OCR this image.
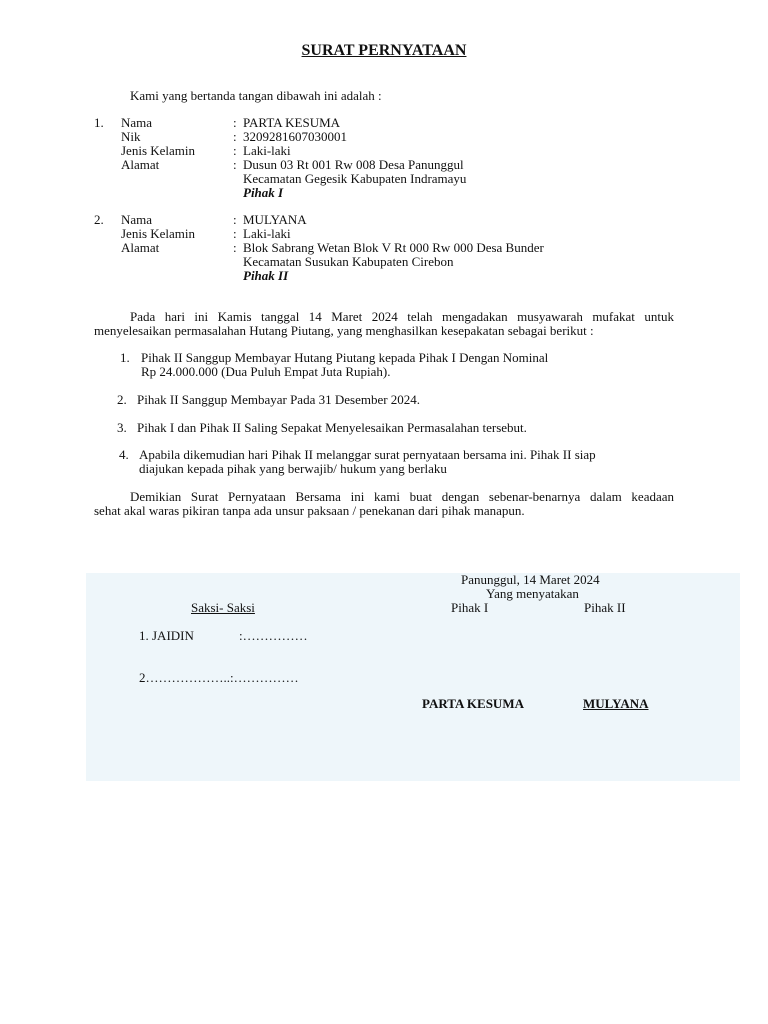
SURAT PERNYATAAN
Kami yang bertanda tangan dibawah ini adalah :
1. Nama	: PARTA KESUMA
Nik	: 3209281607030001
Jenis Kelamin	: Laki-laki
Alamat	: Dusun 03 Rt 001 Rw 008 Desa Panunggul
Kecamatan Gegesik Kabupaten Indramayu
Pihak I
2. Nama	: MULYANA
Jenis Kelamin	: Laki-laki
Alamat	: Blok Sabrang Wetan Blok V Rt 000 Rw 000 Desa Bunder
Kecamatan Susukan Kabupaten Cirebon
Pihak II
Pada hari ini Kamis tanggal 14 Maret 2024 telah mengadakan musyawarah mufakat untuk
menyelesaikan permasalahan Hutang Piutang, yang menghasilkan kesepakatan sebagai berikut :
1. Pihak II Sanggup Membayar Hutang Piutang kepada Pihak I Dengan Nominal
Rp 24.000.000 (Dua Puluh Empat Juta Rupiah).
2. Pihak II Sanggup Membayar Pada 31 Desember 2024.
3. Pihak I dan Pihak II Saling Sepakat Menyelesaikan Permasalahan tersebut.
4. Apabila dikemudian hari Pihak II melanggar surat pernyataan bersama ini. Pihak II siap
diajukan kepada pihak yang berwajib/ hukum yang berlaku
Demikian Surat Pernyataan Bersama ini kami buat dengan sebenar-benarnya dalam keadaan
sehat akal waras pikiran tanpa ada unsur paksaan / penekanan dari pihak manapun.
Panunggul, 14 Maret 2024
Yang menyatakan
Saksi- Saksi	Pihak I	Pihak II
1. JAIDIN	:……………
2………………..:……………
PARTA KESUMA	MULYANA
